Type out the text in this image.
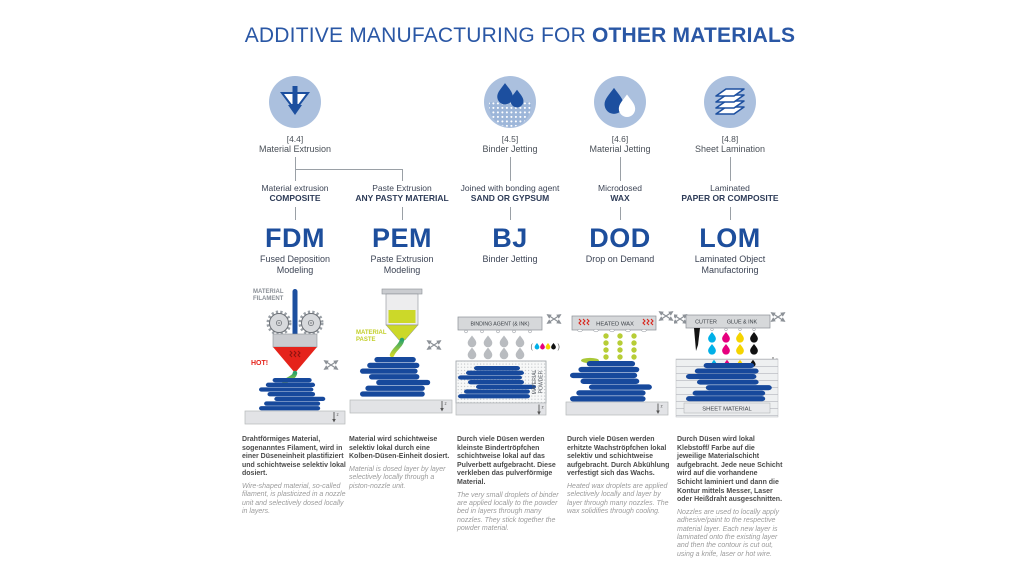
ADDITIVE MANUFACTURING FOR OTHER MATERIALS
[4.4]
Material Extrusion
[4.5]
Binder Jetting
[4.6]
Material Jetting
[4.8]
Sheet Lamination
Material extrusion
COMPOSITE
FDM
Fused Deposition Modeling
Paste Extrusion
ANY PASTY MATERIAL
PEM
Paste Extrusion Modeling
Joined with bonding agent
SAND OR GYPSUM
BJ
Binder Jetting
Microdosed
WAX
DOD
Drop on Demand
Laminated
PAPER OR COMPOSITE
LOM
Laminated Object Manufactoring
MATERIAL
FILAMENT
HOT!
MATERIAL
PASTE
BINDING AGENT (& INK)
(	)
MATERIAL POWDER
HEATED WAX	CUTTER GLUE & INK
SHEET MATERIAL

Drahtförmiges Material, sogenanntes Filament, wird in einer Düseneinheit plastifiziert und schichtweise selektiv lokal dosiert.

Wire-shaped material, so-called filament, is plasticized in a nozzle unit and selectively dosed locally in layers.

Material wird schichtweise selektiv lokal durch eine Kolben-Düsen-Einheit dosiert.

Material is dosed layer by layer selectively locally through a piston-nozzle unit.

Durch viele Düsen werden kleinste Bindertröpfchen schichtweise lokal auf das Pulverbett aufgebracht. Diese verkleben das pulverförmige Material.

The very small droplets of binder are applied locally to the powder bed in layers through many nozzles. They stick together the powder material.

Durch viele Düsen werden erhitzte Wachströpfchen lokal selektiv und schichtweise aufgebracht. Durch Abkühlung verfestigt sich das Wachs.

Heated wax droplets are applied selectively locally and layer by layer through many nozzles. The wax solidifies through cooling.

Durch Düsen wird lokal Klebstoff/ Farbe auf die jeweilige Materialschicht aufgebracht. Jede neue Schicht wird auf die vorhandene Schicht laminiert und dann die Kontur mittels Messer, Laser oder Heißdraht ausgeschnitten.

Nozzles are used to locally apply adhesive/paint to the respective material layer. Each new layer is laminated onto the existing layer and then the contour is cut out, using a knife, laser or hot wire.
